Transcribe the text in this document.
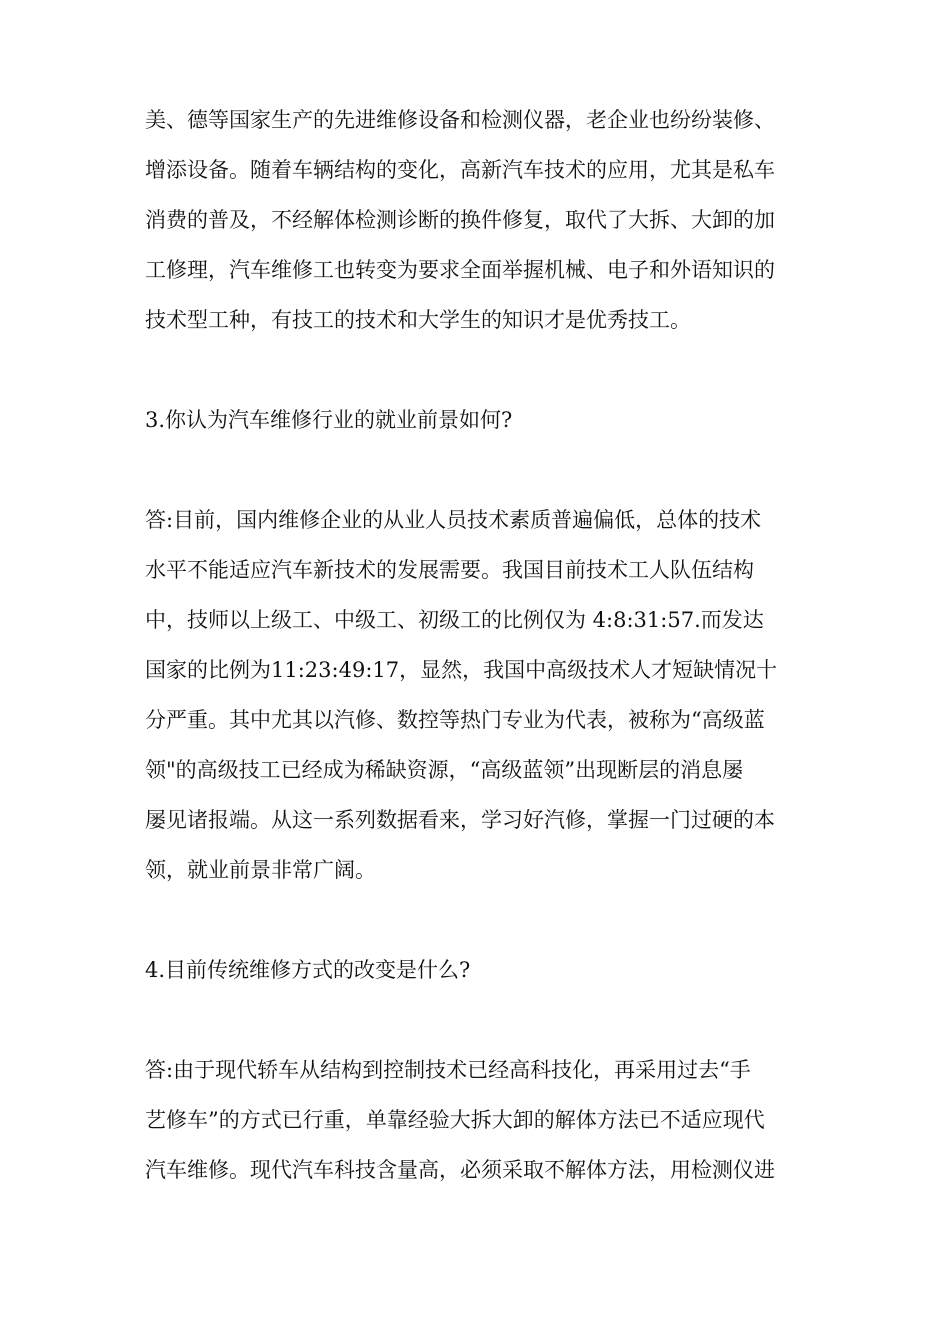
美、德等国家生产的先进维修设备和检测仪器，老企业也纷纷装修、
增添设备。随着车辆结构的变化，高新汽车技术的应用，尤其是私车
消费的普及，不经解体检测诊断的换件修复，取代了大拆、大卸的加
工修理，汽车维修工也转变为要求全面举握机械、电子和外语知识的
技术型工种，有技工的技术和大学生的知识才是优秀技工。
3.你认为汽车维修行业的就业前景如何?
答:目前，国内维修企业的从业人员技术素质普遍偏低，总体的技术
水平不能适应汽车新技术的发展需要。我国目前技术工人队伍结构
中，技师以上级工、中级工、初级工的比例仅为 4:8:31:57.而发达
国家的比例为11:23:49:17，显然，我国中高级技术人才短缺情况十
分严重。其中尤其以汽修、数控等热门专业为代表，被称为“高级蓝
领"的高级技工已经成为稀缺资源，“高级蓝领”出现断层的消息屡
屡见诸报端。从这一系列数据看来，学习好汽修，掌握一门过硬的本
领，就业前景非常广阔。
4.目前传统维修方式的改变是什么?
答:由于现代轿车从结构到控制技术已经高科技化，再采用过去“手
艺修车”的方式已行重，单靠经验大拆大卸的解体方法已不适应现代
汽车维修。现代汽车科技含量高，必须采取不解体方法，用检测仪进
